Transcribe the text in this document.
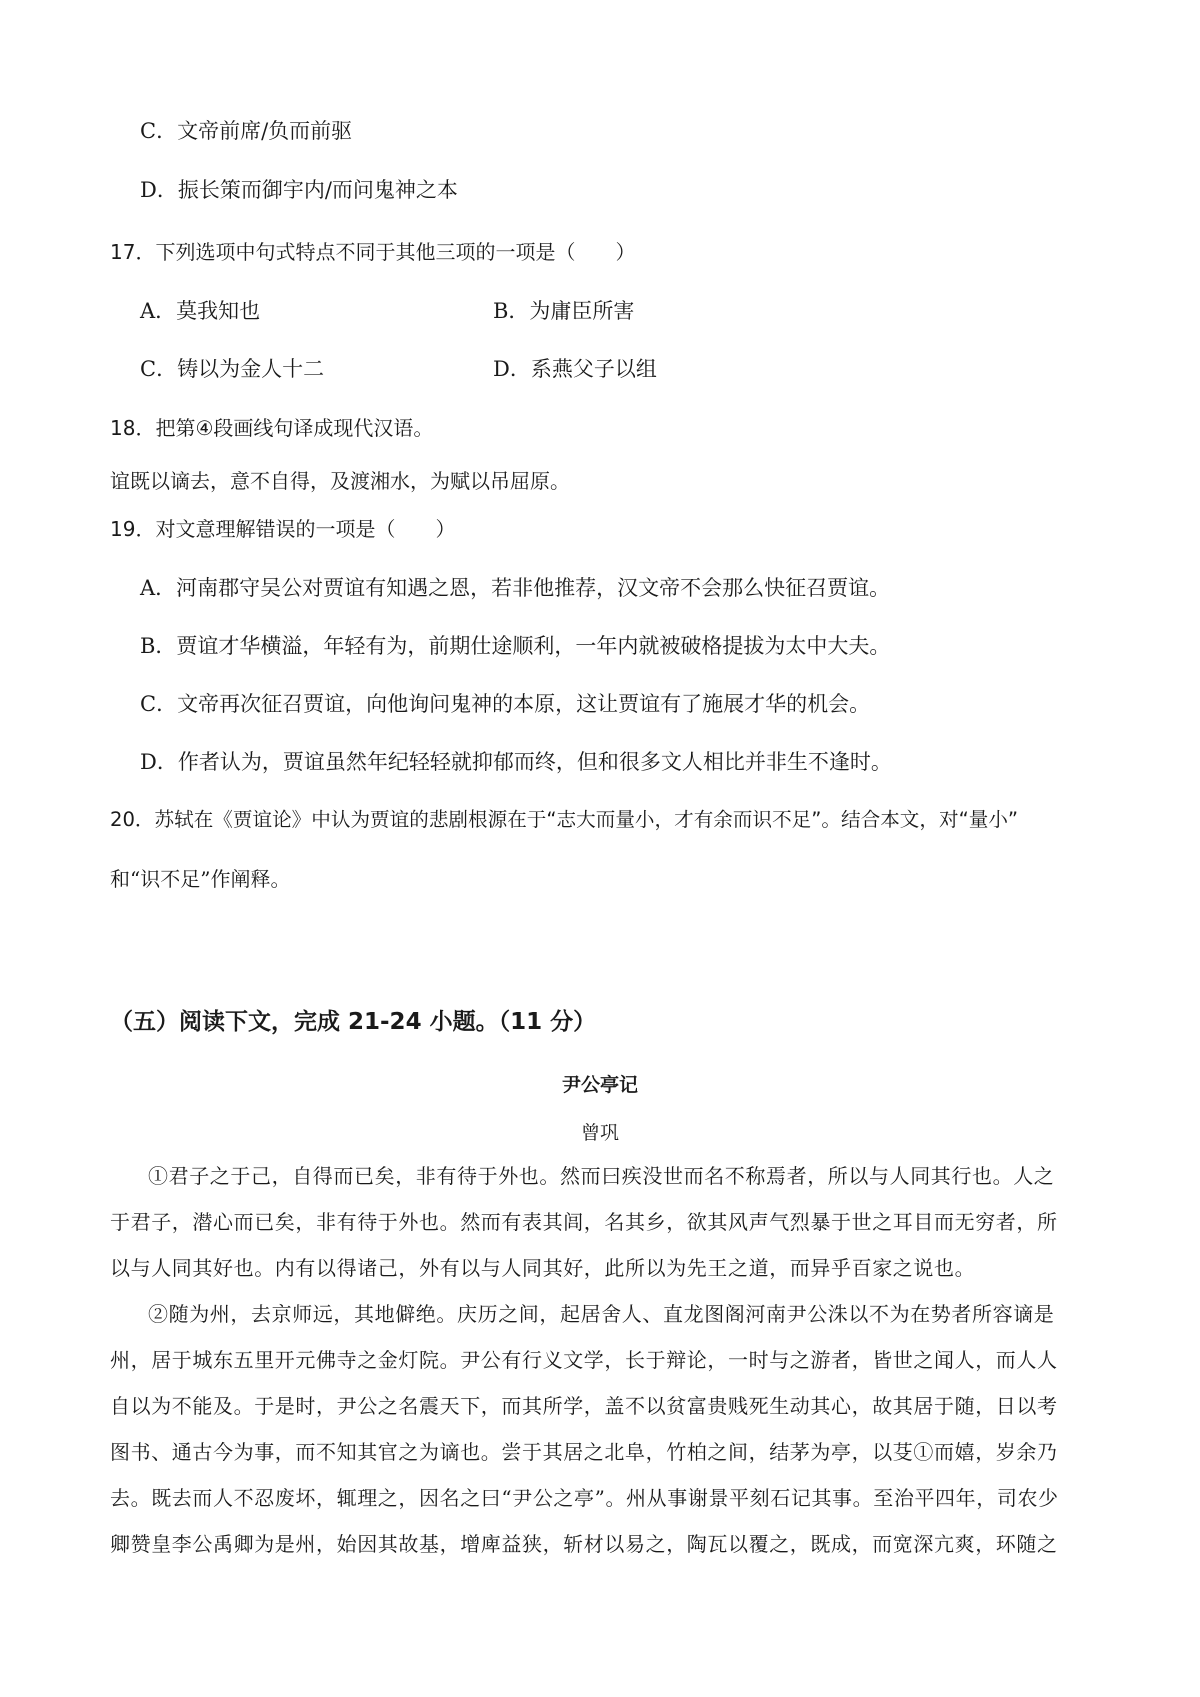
C．文帝前席/负而前驱
D．振长策而御宇内/而问鬼神之本
17．下列选项中句式特点不同于其他三项的一项是（　　）
A．莫我知也	B．为庸臣所害
C．铸以为金人十二	D．系燕父子以组
18．把第④段画线句译成现代汉语。
谊既以谪去，意不自得，及渡湘水，为赋以吊屈原。
19．对文意理解错误的一项是（　　）
A．河南郡守吴公对贾谊有知遇之恩，若非他推荐，汉文帝不会那么快征召贾谊。
B．贾谊才华横溢，年轻有为，前期仕途顺利，一年内就被破格提拔为太中大夫。
C．文帝再次征召贾谊，向他询问鬼神的本原，这让贾谊有了施展才华的机会。
D．作者认为，贾谊虽然年纪轻轻就抑郁而终，但和很多文人相比并非生不逢时。
20．苏轼在《贾谊论》中认为贾谊的悲剧根源在于“志大而量小，才有余而识不足”。结合本文，对“量小”
和“识不足”作阐释。
（五）阅读下文，完成 21-24 小题。（11 分）
尹公亭记
曾巩
①君子之于己，自得而已矣，非有待于外也。然而曰疾没世而名不称焉者，所以与人同其行也。人之
于君子，潜心而已矣，非有待于外也。然而有表其闾，名其乡，欲其风声气烈暴于世之耳目而无穷者，所
以与人同其好也。内有以得诸己，外有以与人同其好，此所以为先王之道，而异乎百家之说也。
②随为州，去京师远，其地僻绝。庆历之间，起居舍人、直龙图阁河南尹公洙以不为在势者所容谪是
州，居于城东五里开元佛寺之金灯院。尹公有行义文学，长于辩论，一时与之游者，皆世之闻人，而人人
自以为不能及。于是时，尹公之名震天下，而其所学，盖不以贫富贵贱死生动其心，故其居于随，日以考
图书、通古今为事，而不知其官之为谪也。尝于其居之北阜，竹柏之间，结茅为亭，以芟①而嬉，岁余乃
去。既去而人不忍废坏，辄理之，因名之曰“尹公之亭”。州从事谢景平刻石记其事。至治平四年，司农少
卿赞皇李公禹卿为是州，始因其故基，增庳益狭，斩材以易之，陶瓦以覆之，既成，而宽深亢爽，环随之
